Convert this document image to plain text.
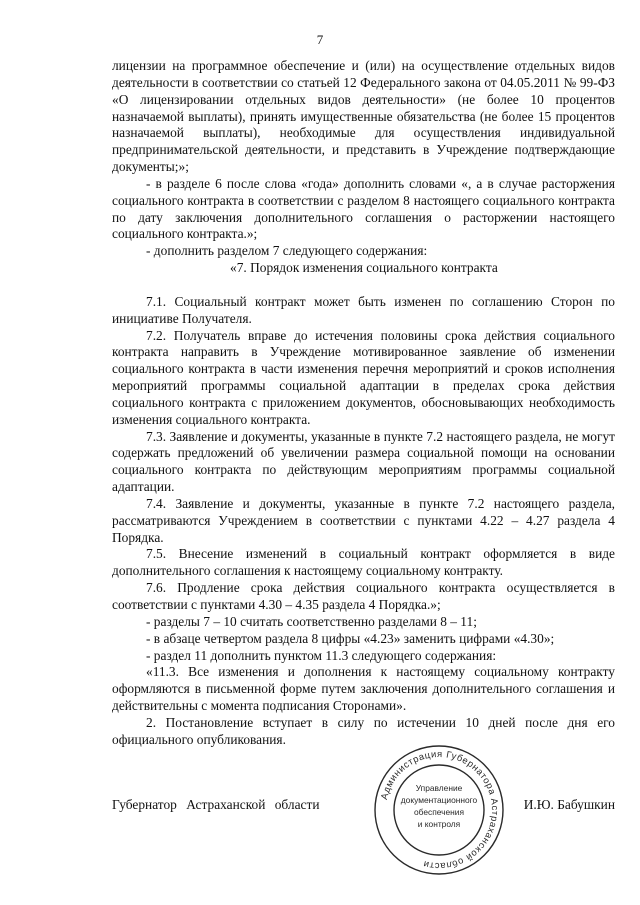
7

лицензии на программное обеспечение и (или) на осуществление отдельных видов деятельности в соответствии со статьей 12 Федерального закона от 04.05.2011 № 99-ФЗ «О лицензировании отдельных видов деятельности» (не более 10 процентов назначаемой выплаты), принять имущественные обязательства (не более 15 процентов назначаемой выплаты), необходимые для осуществления индивидуальной предпринимательской деятельности, и представить в Учреждение подтверждающие документы;»;

- в разделе 6 после слова «года» дополнить словами «, а в случае расторжения социального контракта в соответствии с разделом 8 настоящего социального контракта по дату заключения дополнительного соглашения о расторжении настоящего социального контракта.»;

- дополнить разделом 7 следующего содержания:

«7. Порядок изменения социального контракта

7.1. Социальный контракт может быть изменен по соглашению Сторон по инициативе Получателя.

7.2. Получатель вправе до истечения половины срока действия социального контракта направить в Учреждение мотивированное заявление об изменении социального контракта в части изменения перечня мероприятий и сроков исполнения мероприятий программы социальной адаптации в пределах срока действия социального контракта с приложением документов, обосновывающих необходимость изменения социального контракта.

7.3. Заявление и документы, указанные в пункте 7.2 настоящего раздела, не могут содержать предложений об увеличении размера социальной помощи на основании социального контракта по действующим мероприятиям программы социальной адаптации.

7.4. Заявление и документы, указанные в пункте 7.2 настоящего раздела, рассматриваются Учреждением в соответствии с пунктами 4.22 – 4.27 раздела 4 Порядка.

7.5. Внесение изменений в социальный контракт оформляется в виде дополнительного соглашения к настоящему социальному контракту.

7.6. Продление срока действия социального контракта осуществляется в соответствии с пунктами 4.30 – 4.35 раздела 4 Порядка.»;

- разделы 7 – 10 считать соответственно разделами 8 – 11;

- в абзаце четвертом раздела 8 цифры «4.23» заменить цифрами «4.30»;

- раздел 11 дополнить пунктом 11.3 следующего содержания:

«11.3. Все изменения и дополнения к настоящему социальному контракту оформляются в письменной форме путем заключения дополнительного соглашения и действительны с момента подписания Сторонами».

2. Постановление вступает в силу по истечении 10 дней после дня его официального опубликования.

Губернатор Астраханской области	И.Ю. Бабушкин
Администрация Губернатора Астраханской области
Управление
документационного
обеспечения
и контроля
